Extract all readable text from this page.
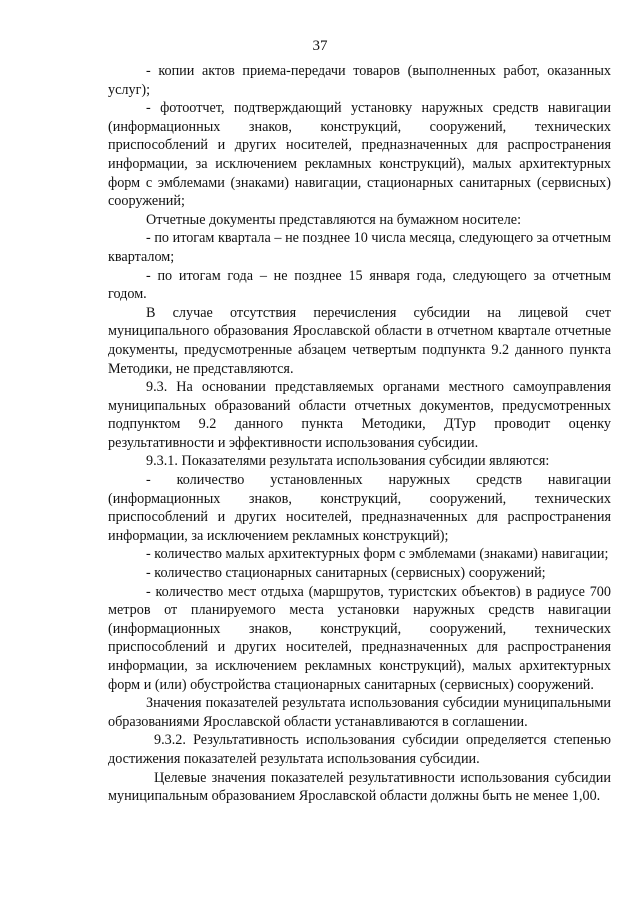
37

- копии актов приема-передачи товаров (выполненных работ, оказанных услуг);

- фотоотчет, подтверждающий установку наружных средств навигации (информационных знаков, конструкций, сооружений, технических приспособлений и других носителей, предназначенных для распространения информации, за исключением рекламных конструкций), малых архитектурных форм с эмблемами (знаками) навигации, стационарных санитарных (сервисных) сооружений;

Отчетные документы представляются на бумажном носителе:

- по итогам квартала – не позднее 10 числа месяца, следующего за отчетным кварталом;

- по итогам года – не позднее 15 января года, следующего за отчетным годом.

В случае отсутствия перечисления субсидии на лицевой счет муниципального образования Ярославской области в отчетном квартале отчетные документы, предусмотренные абзацем четвертым подпункта 9.2 данного пункта Методики, не представляются.

9.3. На основании представляемых органами местного самоуправления муниципальных образований области отчетных документов, предусмотренных подпунктом 9.2 данного пункта Методики, ДТур проводит оценку результативности и эффективности использования субсидии.

9.3.1. Показателями результата использования субсидии являются:

- количество установленных наружных средств навигации (информационных знаков, конструкций, сооружений, технических приспособлений и других носителей, предназначенных для распространения информации, за исключением рекламных конструкций);

- количество малых архитектурных форм с эмблемами (знаками) навигации;

- количество стационарных санитарных (сервисных) сооружений;

- количество мест отдыха (маршрутов, туристских объектов) в радиусе 700 метров от планируемого места установки наружных средств навигации (информационных знаков, конструкций, сооружений, технических приспособлений и других носителей, предназначенных для распространения информации, за исключением рекламных конструкций), малых архитектурных форм и (или) обустройства стационарных санитарных (сервисных) сооружений.

Значения показателей результата использования субсидии муниципальными образованиями Ярославской области устанавливаются в соглашении.

9.3.2. Результативность использования субсидии определяется степенью достижения показателей результата использования субсидии.

Целевые значения показателей результативности использования субсидии муниципальным образованием Ярославской области должны быть не менее 1,00.
